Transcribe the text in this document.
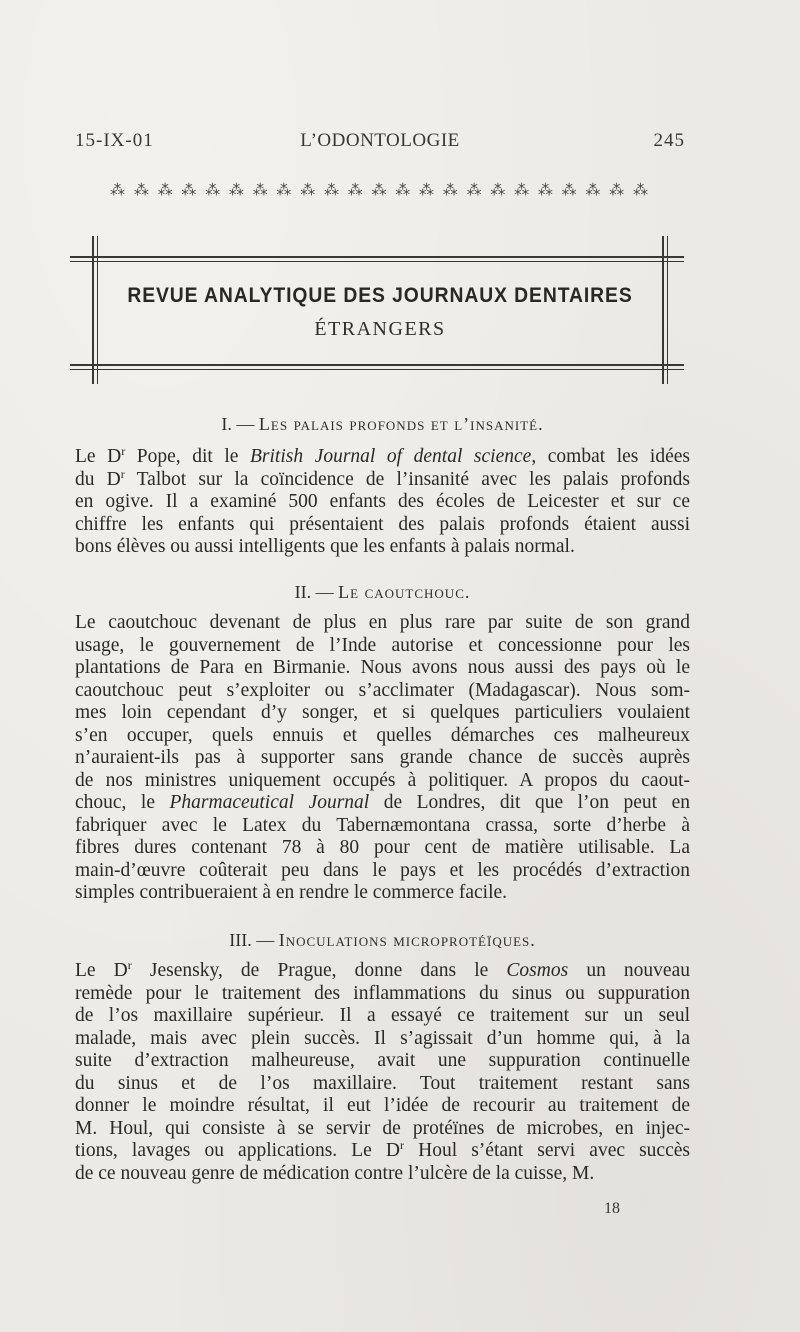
15-IX-01	L’ODONTOLOGIE	245
⁂ ⁂ ⁂ ⁂ ⁂ ⁂ ⁂ ⁂ ⁂ ⁂ ⁂ ⁂ ⁂ ⁂ ⁂ ⁂ ⁂ ⁂ ⁂ ⁂ ⁂ ⁂ ⁂
REVUE ANALYTIQUE DES JOURNAUX DENTAIRES
ÉTRANGERS
I. — Les palais profonds et l’insanité.
Le $D^r$ Pope, dit le British Journal of dental science, combat les idées
du $D^r$ Talbot sur la coïncidence de l’insanité avec les palais profonds
en ogive. Il a examiné 500 enfants des écoles de Leicester et sur ce
chiffre les enfants qui présentaient des palais profonds étaient aussi
bons élèves ou aussi intelligents que les enfants à palais normal.
II. — Le caoutchouc.
Le caoutchouc devenant de plus en plus rare par suite de son grand
usage, le gouvernement de l’Inde autorise et concessionne pour les
plantations de Para en Birmanie. Nous avons nous aussi des pays où le
caoutchouc peut s’exploiter ou s’acclimater (Madagascar). Nous som-
mes loin cependant d’y songer, et si quelques particuliers voulaient
s’en occuper, quels ennuis et quelles démarches ces malheureux
n’auraient-ils pas à supporter sans grande chance de succès auprès
de nos ministres uniquement occupés à politiquer. A propos du caout-
chouc, le Pharmaceutical Journal de Londres, dit que l’on peut en
fabriquer avec le Latex du Tabernæmontana crassa, sorte d’herbe à
fibres dures contenant 78 à 80 pour cent de matière utilisable. La
main-d’œuvre coûterait peu dans le pays et les procédés d’extraction
simples contribueraient à en rendre le commerce facile.
III. — Inoculations microprotéïques.
Le $D^r$ Jesensky, de Prague, donne dans le Cosmos un nouveau
remède pour le traitement des inflammations du sinus ou suppuration
de l’os maxillaire supérieur. Il a essayé ce traitement sur un seul
malade, mais avec plein succès. Il s’agissait d’un homme qui, à la
suite d’extraction malheureuse, avait une suppuration continuelle
du sinus et de l’os maxillaire. Tout traitement restant sans
donner le moindre résultat, il eut l’idée de recourir au traitement de
M. Houl, qui consiste à se servir de protéïnes de microbes, en injec-
tions, lavages ou applications. Le $D^r$ Houl s’étant servi avec succès
de ce nouveau genre de médication contre l’ulcère de la cuisse, M.
18
